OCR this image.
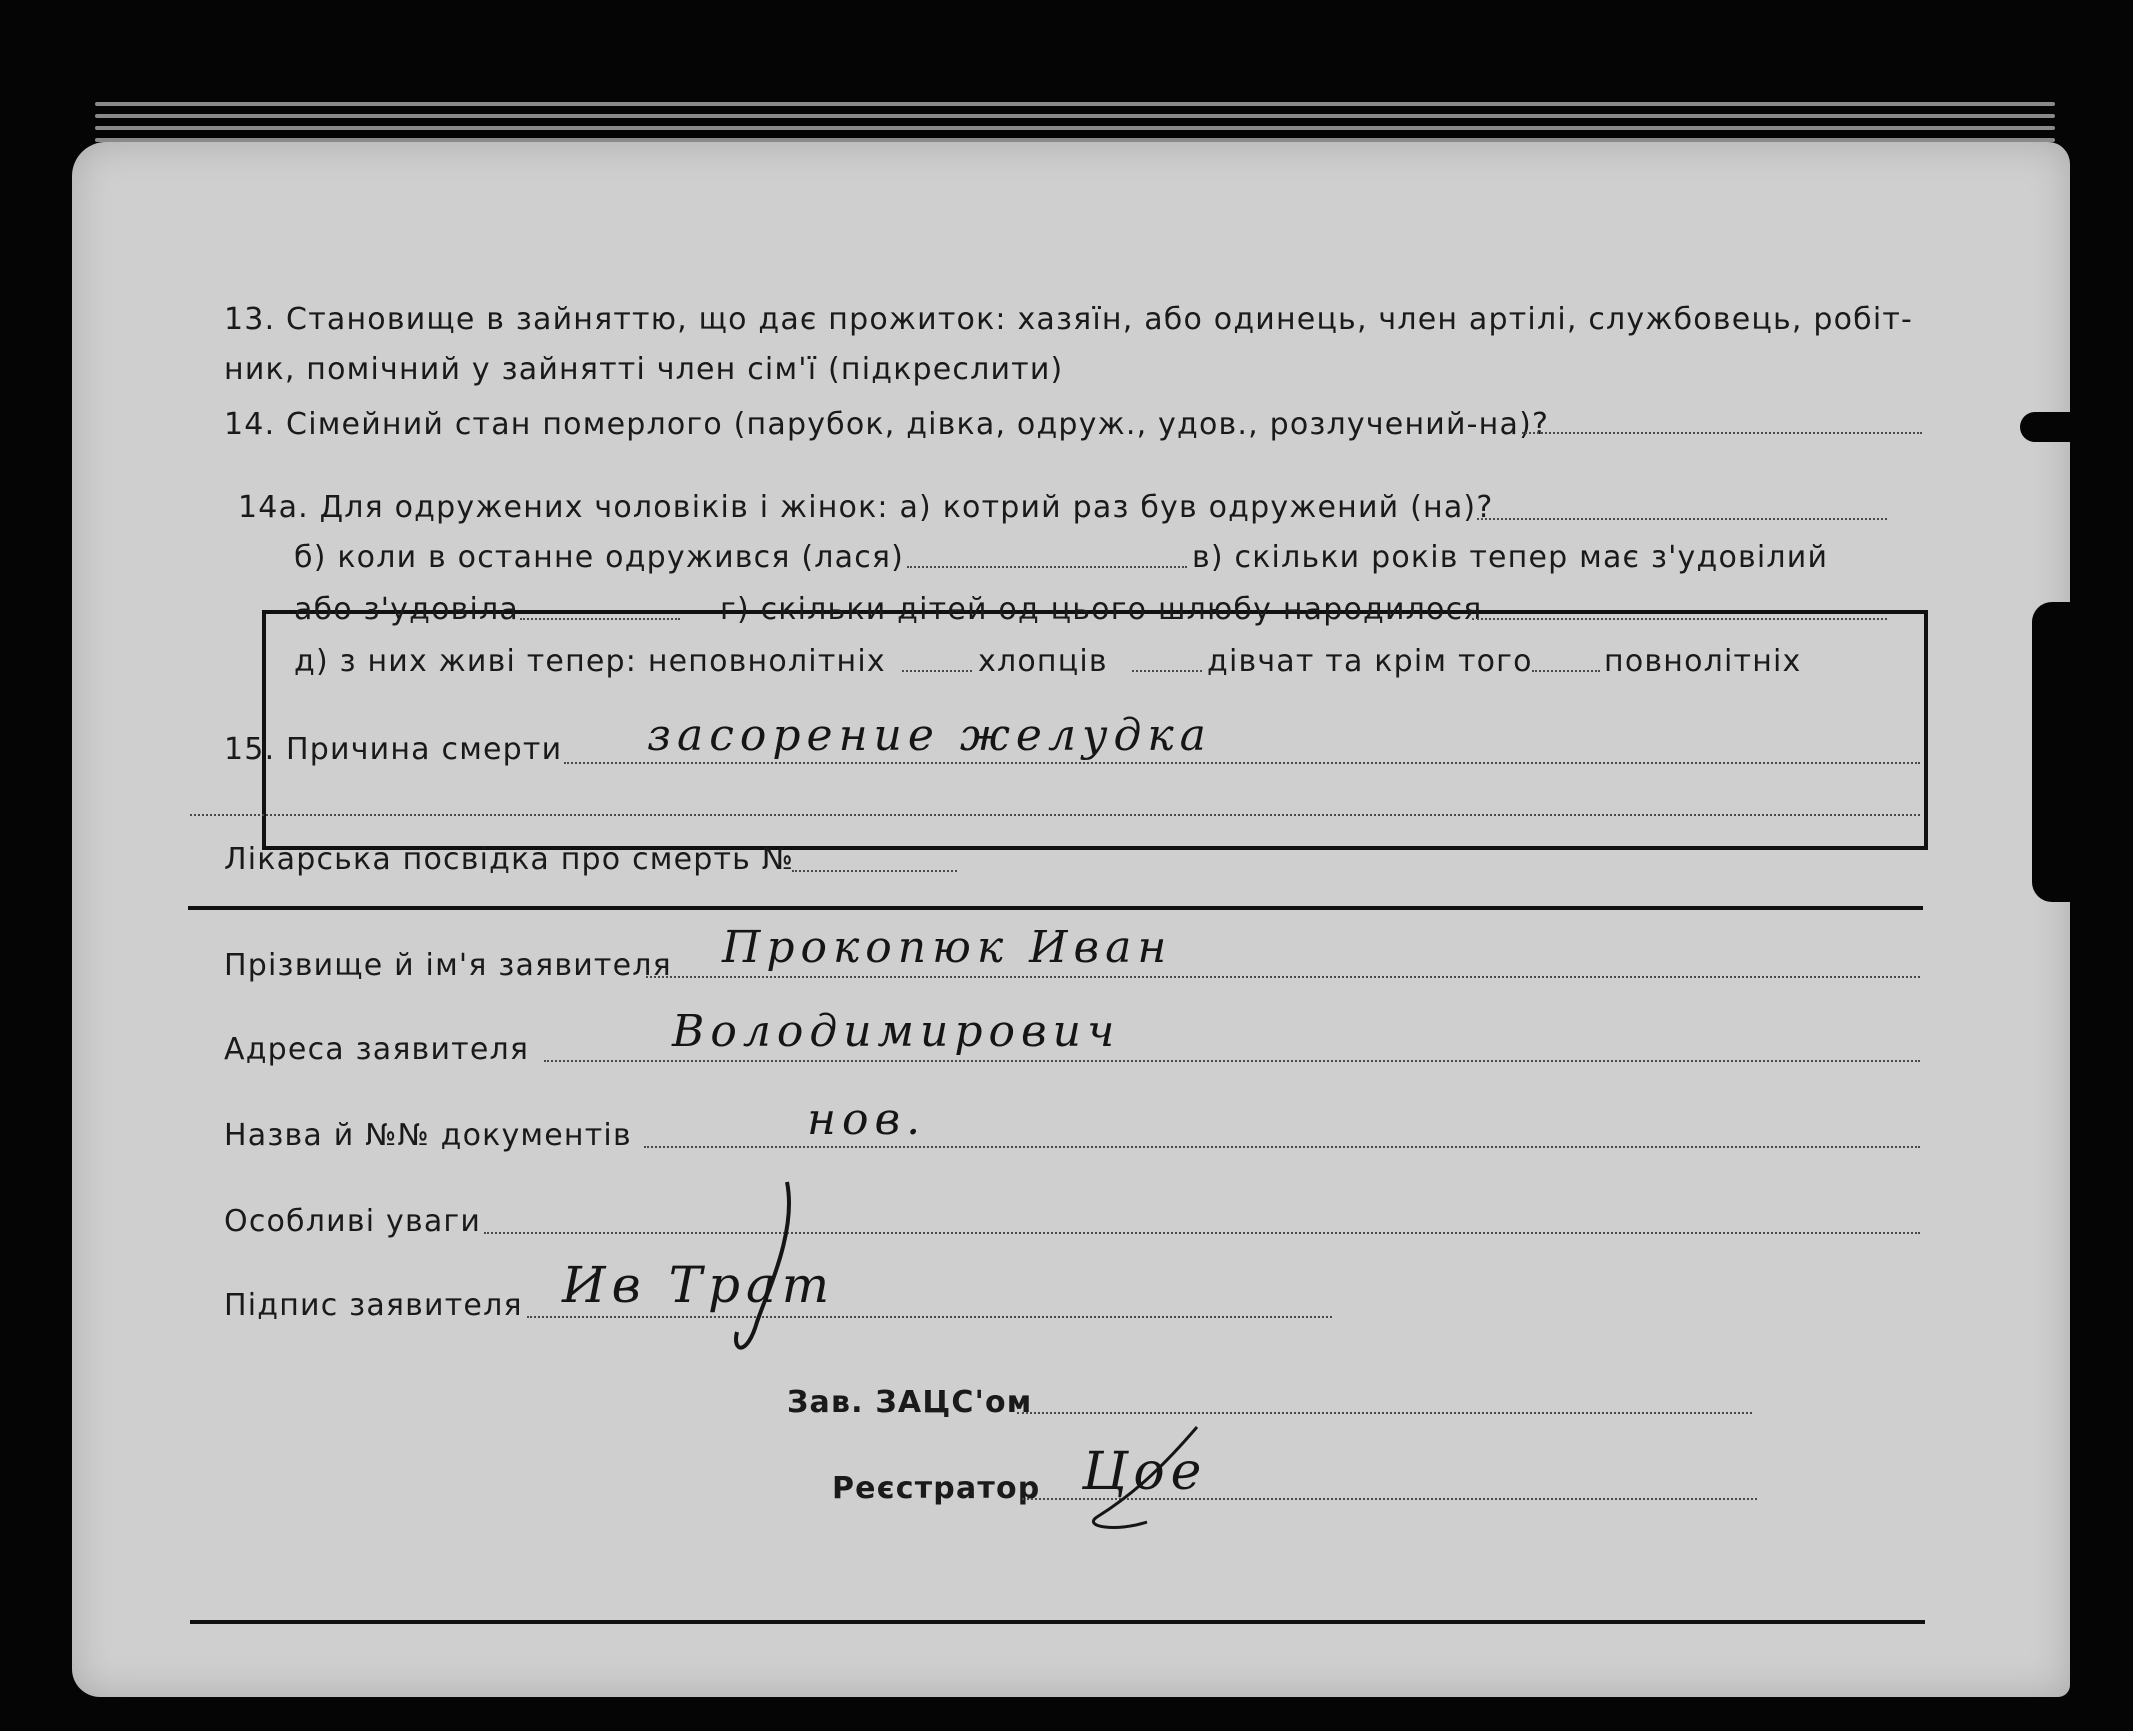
13. Становище в зайняттю, що дає прожиток: хазяїн, або одинець, член артілі, службовець, робіт-
ник, помічний у зайнятті член сім'ї (підкреслити)
14. Сімейний стан померлого (парубок, дівка, одруж., удов., розлучений-на)?
14а. Для одружених чоловіків і жінок: а) котрий раз був одружений (на)?
б) коли в останне одружився (лася)	в) скільки років тепер має з'удовілий
або з'удовіла	г) скільки дітей од цього шлюбу народилося
д) з них живі тепер: неповнолітніх	хлопців	дівчат та крім того повнолітніх
15. Причина смерти засорение желудка
Лікарська посвідка про смерть №
Прізвище й ім'я заявителя Прокопюк Иван
Адреса заявителя	Володимирович
Назва й №№ документів	нов.
Особливі уваги
Підпис заявителя Ив Трат
Зав. ЗАЦС'ом
Реєстратор Цое
